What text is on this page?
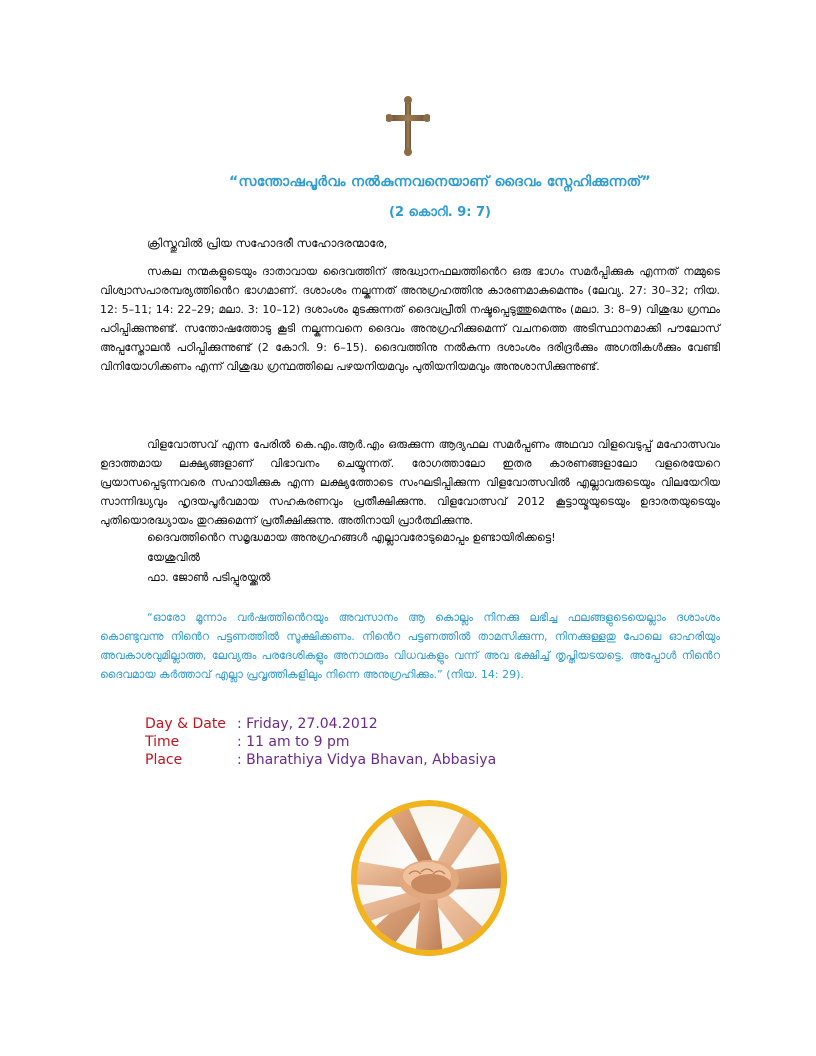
“സന്തോഷപൂർവം നൽകുന്നവനെയാണ് ദൈവം സ്നേഹിക്കുന്നത്”
(2 കൊറി. 9: 7)
ക്രിസ്തുവിൽ പ്രിയ സഹോദരീ സഹോദരന്മാരേ,

സകല നന്മകളുടെയും ദാതാവായ ദൈവത്തിന് അദ്ധ്വാനഫലത്തിൻെറ ഒരു ഭാഗം സമർപ്പിക്കുക എന്നത് നമ്മുടെ വിശ്വാസപാരമ്പര്യത്തിൻെറ ഭാഗമാണ്. ദശാംശം നല്കുന്നത് അനുഗ്രഹത്തിനു കാരണമാകുമെന്നും (ലേവ്യ. 27: 30–32; നിയ. 12: 5–11; 14: 22–29; മലാ. 3: 10–12) ദശാംശം മുടക്കുന്നത് ദൈവപ്രീതി നഷ്ടപ്പെടുത്തുമെന്നും (മലാ. 3: 8–9) വിശുദ്ധ ഗ്രന്ഥം പഠിപ്പിക്കുന്നുണ്ട്. സന്തോഷത്തോടു കൂടി നല്കുന്നവനെ ദൈവം അനുഗ്രഹിക്കുമെന്ന് വചനത്തെ അടിസ്ഥാനമാക്കി പൗലോസ് അപ്പസ്തോലൻ പഠിപ്പിക്കുന്നുണ്ട് (2 കോറി. 9: 6–15). ദൈവത്തിനു നൽകുന്ന ദശാംശം ദരിദ്രർക്കും അഗതികൾക്കും വേണ്ടി വിനിയോഗിക്കണം എന്ന് വിശുദ്ധ ഗ്രന്ഥത്തിലെ പഴയനിയമവും പുതിയനിയമവും അനുശാസിക്കുന്നുണ്ട്.

വിളവോത്സവ് എന്ന പേരിൽ കെ.എം.ആർ.എം ഒരുക്കുന്ന ആദ്യഫല സമർപ്പണം അഥവാ വിളവെടുപ്പ് മഹോത്സവം ഉദാത്തമായ ലക്ഷ്യങ്ങളാണ് വിഭാവനം ചെയ്യുന്നത്. രോഗത്താലോ ഇതര കാരണങ്ങളാലോ വളരെയേറെ പ്രയാസപ്പെടുന്നവരെ സഹായിക്കുക എന്ന ലക്ഷ്യത്തോടെ സംഘടിപ്പിക്കുന്ന വിളവോത്സവിൽ എല്ലാവരുടെയും വിലയേറിയ സാന്നിദ്ധ്യവും ഹൃദയപൂർവമായ സഹകരണവും പ്രതീക്ഷിക്കുന്നു. വിളവോത്സവ് 2012 കൂട്ടായ്മയുടെയും ഉദാരതയുടെയും പുതിയൊരദ്ധ്യായം തുറക്കുമെന്ന് പ്രതീക്ഷിക്കുന്നു. അതിനായി പ്രാർത്ഥിക്കുന്നു.

ദൈവത്തിൻെറ സമൃദ്ധമായ അനുഗ്രഹങ്ങൾ എല്ലാവരോടുമൊപ്പം ഉണ്ടായിരിക്കട്ടെ!
യേശുവിൽ
ഫാ. ജോൺ പടിപ്പുരയ്ക്കൽ

“ഓരോ മൂന്നാം വർഷത്തിൻെറയും അവസാനം ആ കൊല്ലം നിനക്കു ലഭിച്ച ഫലങ്ങളുടെയെല്ലാം ദശാംശം കൊണ്ടുവന്നു നിൻെറ പട്ടണത്തിൽ സൂക്ഷിക്കണം. നിൻെറ പട്ടണത്തിൽ താമസിക്കുന്ന, നിനക്കുള്ളതു പോലെ ഓഹരിയും അവകാശവുമില്ലാത്ത, ലേവ്യരും പരദേശികളും അനാഥരും വിധവകളും വന്ന് അവ ഭക്ഷിച്ച് തൃപ്തിയടയട്ടെ. അപ്പോൾ നിൻെറ ദൈവമായ കർത്താവ് എല്ലാ പ്രവൃത്തികളിലും നിന്നെ അനുഗ്രഹിക്കും.” (നിയ. 14: 29).

Day & Date : Friday, 27.04.2012
Time	: 11 am to 9 pm
Place	: Bharathiya Vidya Bhavan, Abbasiya
